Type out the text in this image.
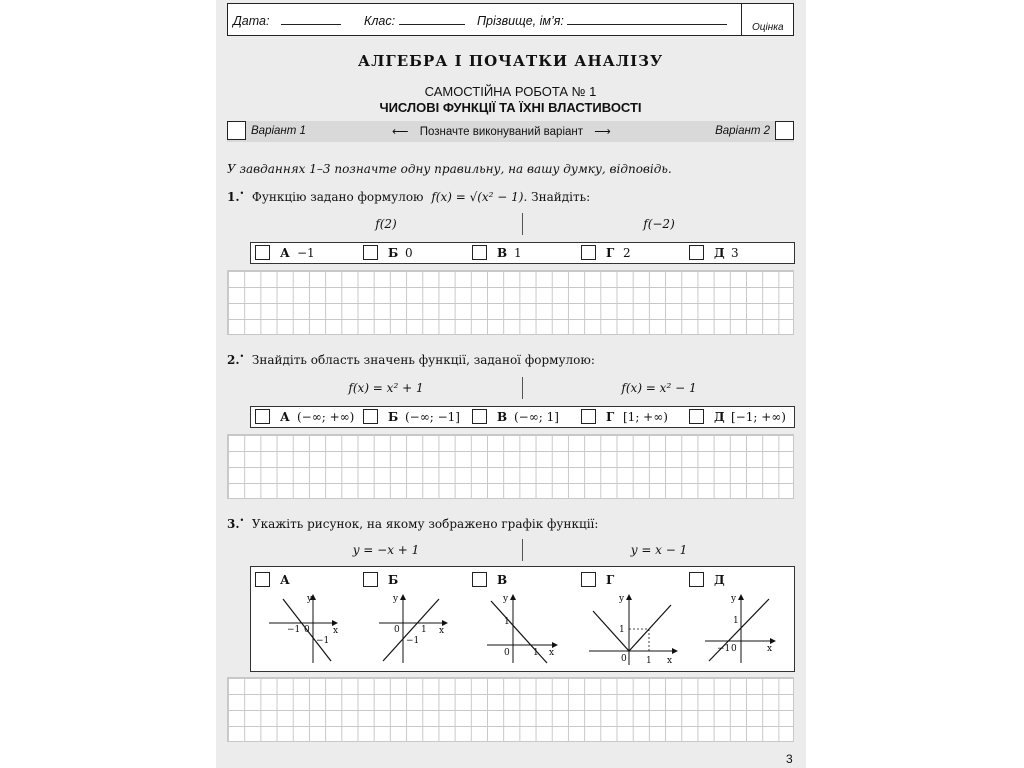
Дата:	Клас:	Прізвище, ім’я:	Оцінка
АЛГЕБРА І ПОЧАТКИ АНАЛІЗУ
САМОСТІЙНА РОБОТА № 1
ЧИСЛОВІ ФУНКЦІЇ ТА ЇХНІ ВЛАСТИВОСТІ
Варіант 1	⟵ Позначте виконуваний варіант ⟶	Варіант 2
У завданнях 1–3 позначте одну правильну, на вашу думку, відповідь.
1.• Функцію задано формулою f(x) = √(x² − 1). Знайдіть:
f(2)	f(−2)
А −1	Б 0	В 1	Г 2	Д 3
2.• Знайдіть область значень функції, заданої формулою:
f(x) = x² + 1	f(x) = x² − 1
А (−∞; +∞)	Б (−∞; −1]	В (−∞; 1]	Г [1; +∞)	Д [−1; +∞)
3.• Укажіть рисунок, на якому зображено графік функції:
y = −x + 1	y = x − 1
А	Б	В	Г	Д
y
x
0
−1
−1
y
x
0 1
−1
y
x
0	1
1
y
x
0 1
1
y
x
0
−1
1
3
